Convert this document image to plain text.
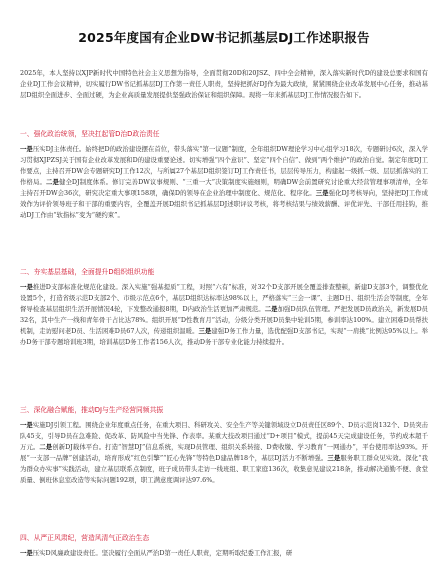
2025年度国有企业DW书记抓基层DJ工作述职报告

2025年，本人坚持以XJP新时代中国特色社会主义思想为指导，全面贯彻20D和20JSZ、四中全会精神，深入落实新时代D的建设总要求和国有企业DJ工作会议精神，切实履行DW书记抓基层DJ工作第一责任人职责，坚持把抓好DJ作为最大政绩，紧紧围绕企业改革发展中心任务，推动基层D组织全面进步、全面过硬，为企业高质量发展提供坚强政治保证和组织保障。现将一年来抓基层DJ工作情况报告如下。

一、强化政治统领，坚决扛起管D治D政治责任

一是压实DJ主体责任。始终把D的政治建设摆在首位，带头落实“第一议题”制度，全年组织DW理论学习中心组学习18次，专题研讨6次，深入学习贯彻XJPZSJ关于国有企业改革发展和D的建设重要论述。切实增强“四个意识”、坚定“四个自信”、做到“两个维护”的政治自觉。制定年度DJ工作要点，主持召开DW会专题研究DJ工作12次，与所属27个基层D组织签订DJ工作责任书，层层传导压力，构建起一级抓一级、层层抓落实的工作格局。二是健全DJ制度体系。修订完善DW议事规则、“三重一大”决策制度实施细则，明确DW会前置研究讨论重大经营管理事项清单，全年主持召开DW会36次，研究决定重大事项158项，确保D的领导在企业治理中制度化、规范化、程序化。三是强化DJ考核导向，坚持把DJ工作成效作为评价领导班子和干部的重要内容，全覆盖开展D组织书记抓基层DJ述职评议考核，将考核结果与绩效薪酬、评优评先、干部任用挂钩，推动DJ工作由“软指标”变为“硬约束”。

二、夯实基层基础，全面提升D组织组织功能

一是推进D支部标准化规范化建设。深入实施“强基提质”工程，对照“六有”标准，对32个D支部开展全覆盖排查整顿，新建D支部3个，调整优化设置5个，打造省级示范D支部2个、市级示范点6个，基层D组织达标率达98%以上，严格落实“三会一课”、主题D日、组织生活会等制度，全年督导检查基层组织生活开展情况4轮，下发整改通报8期，D内政治生活更加严肃规范。二是加强D员队伍管理。严把发展D员政治关，新发展D员32名，其中生产一线和青年骨干占比达78%。组织开展“D性教育月”活动，分级分类开展D员集中轮训5期，参训率达100%。建立困难D员帮扶机制，走访慰问老D员、生活困难D员67人次，传递组织温暖。三是建强D务工作力量，选优配强D支部书记，实现“一肩挑”比例达95%以上。举办D务干部专题培训班3期，培训基层D务工作者156人次，推动D务干部专业化能力持续提升。

三、深化融合赋能，推动DJ与生产经营同频共振

一是实施DJ引领工程。围绕企业年度重点任务，在重大项目、科研攻关、安全生产等关键领域设立D员责任区89个、D员示范岗132个、D员突击队45支，引导D员在急难险、促改革、防风险中当先锋、作表率。某重大技改项目通过“D+项目”模式，提前45天完成建设任务，节约成本超千万元。二是创新DJ载体平台。打造“智慧DJ”信息系统，实现D员管理、组织关系转接、D费收缴、学习教育“一网通办”，平台使用率达93%。开展“一支部一品牌”创建活动，培育形成“红色引擎”“匠心先锋”等特色D建品牌18个，基层DJ活力不断增强。三是服务职工群众见实效。深化“我为群众办实事”实践活动，建立基层联系点制度，班子成员带头走访一线班组、职工家庭136次，收集意见建议218条，推动解决通勤不便、食堂质量、倒班休息室改造等实际问题192项，职工满意度调评达97.6%。

四、从严正风肃纪，营造风清气正政治生态

一是压实D风廉政建设责任。坚决履行全面从严治D第一责任人职责，定期听取纪委工作汇报，研
